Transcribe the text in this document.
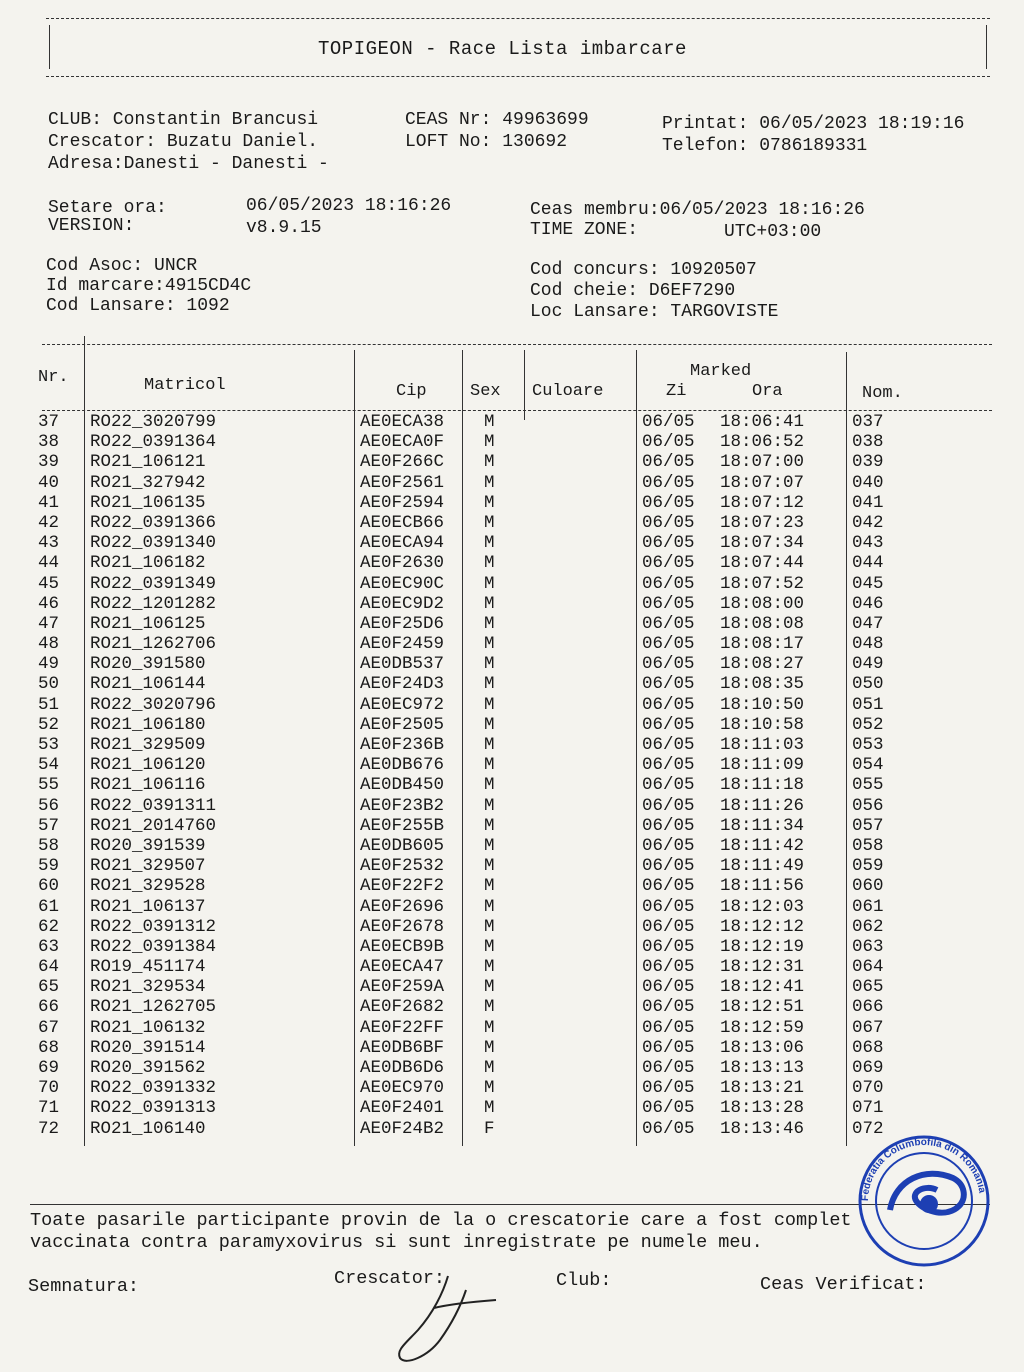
TOPIGEON - Race Lista imbarcare
CLUB: Constantin Brancusi
Crescator: Buzatu Daniel.
Adresa:Danesti - Danesti -
CEAS Nr: 49963699
LOFT No: 130692
Printat: 06/05/2023 18:19:16
Telefon: 0786189331
Setare ora:	06/05/2023 18:16:26
VERSION:	v8.9.15
Ceas membru:06/05/2023 18:16:26
TIME ZONE:	UTC+03:00
Cod Asoc: UNCR
Id marcare:4915CD4C
Cod Lansare: 1092
Cod concurs: 10920507
Cod cheie: D6EF7290
Loc Lansare: TARGOVISTE
Nr.	Matricol	Cip	Sex Culoare
Marked
Zi	Ora	Nom.
37 RO22_3020799	AE0ECA38 M	06/05 18:06:41	037
38 RO22_0391364	AE0ECA0F M	06/05 18:06:52	038
39 RO21_106121	AE0F266C M	06/05 18:07:00	039
40 RO21_327942	AE0F2561 M	06/05 18:07:07	040
41 RO21_106135	AE0F2594 M	06/05 18:07:12	041
42 RO22_0391366	AE0ECB66 M	06/05 18:07:23	042
43 RO22_0391340	AE0ECA94 M	06/05 18:07:34	043
44 RO21_106182	AE0F2630 M	06/05 18:07:44	044
45 RO22_0391349	AE0EC90C M	06/05 18:07:52	045
46 RO22_1201282	AE0EC9D2 M	06/05 18:08:00	046
47 RO21_106125	AE0F25D6 M	06/05 18:08:08	047
48 RO21_1262706	AE0F2459 M	06/05 18:08:17	048
49 RO20_391580	AE0DB537 M	06/05 18:08:27	049
50 RO21_106144	AE0F24D3 M	06/05 18:08:35	050
51 RO22_3020796	AE0EC972 M	06/05 18:10:50	051
52 RO21_106180	AE0F2505 M	06/05 18:10:58	052
53 RO21_329509	AE0F236B M	06/05 18:11:03	053
54 RO21_106120	AE0DB676 M	06/05 18:11:09	054
55 RO21_106116	AE0DB450 M	06/05 18:11:18	055
56 RO22_0391311	AE0F23B2 M	06/05 18:11:26	056
57 RO21_2014760	AE0F255B M	06/05 18:11:34	057
58 RO20_391539	AE0DB605 M	06/05 18:11:42	058
59 RO21_329507	AE0F2532 M	06/05 18:11:49	059
60 RO21_329528	AE0F22F2 M	06/05 18:11:56	060
61 RO21_106137	AE0F2696 M	06/05 18:12:03	061
62 RO22_0391312	AE0F2678 M	06/05 18:12:12	062
63 RO22_0391384	AE0ECB9B M	06/05 18:12:19	063
64 RO19_451174	AE0ECA47 M	06/05 18:12:31	064
65 RO21_329534	AE0F259A M	06/05 18:12:41	065
66 RO21_1262705	AE0F2682 M	06/05 18:12:51	066
67 RO21_106132	AE0F22FF M	06/05 18:12:59	067
68 RO20_391514	AE0DB6BF M	06/05 18:13:06	068
69 RO20_391562	AE0DB6D6 M	06/05 18:13:13	069
70 RO22_0391332	AE0EC970 M	06/05 18:13:21	070
71 RO22_0391313	AE0F2401 M	06/05 18:13:28	071
72 RO21_106140	AE0F24B2 F	06/05 18:13:46	072
Toate pasarile participante provin de la o crescatorie care a fost complet
vaccinata contra paramyxovirus si sunt inregistrate pe numele meu.
Semnatura:	Crescator:	Club:	Ceas Verificat:
Federatia Columbofila din Romania
